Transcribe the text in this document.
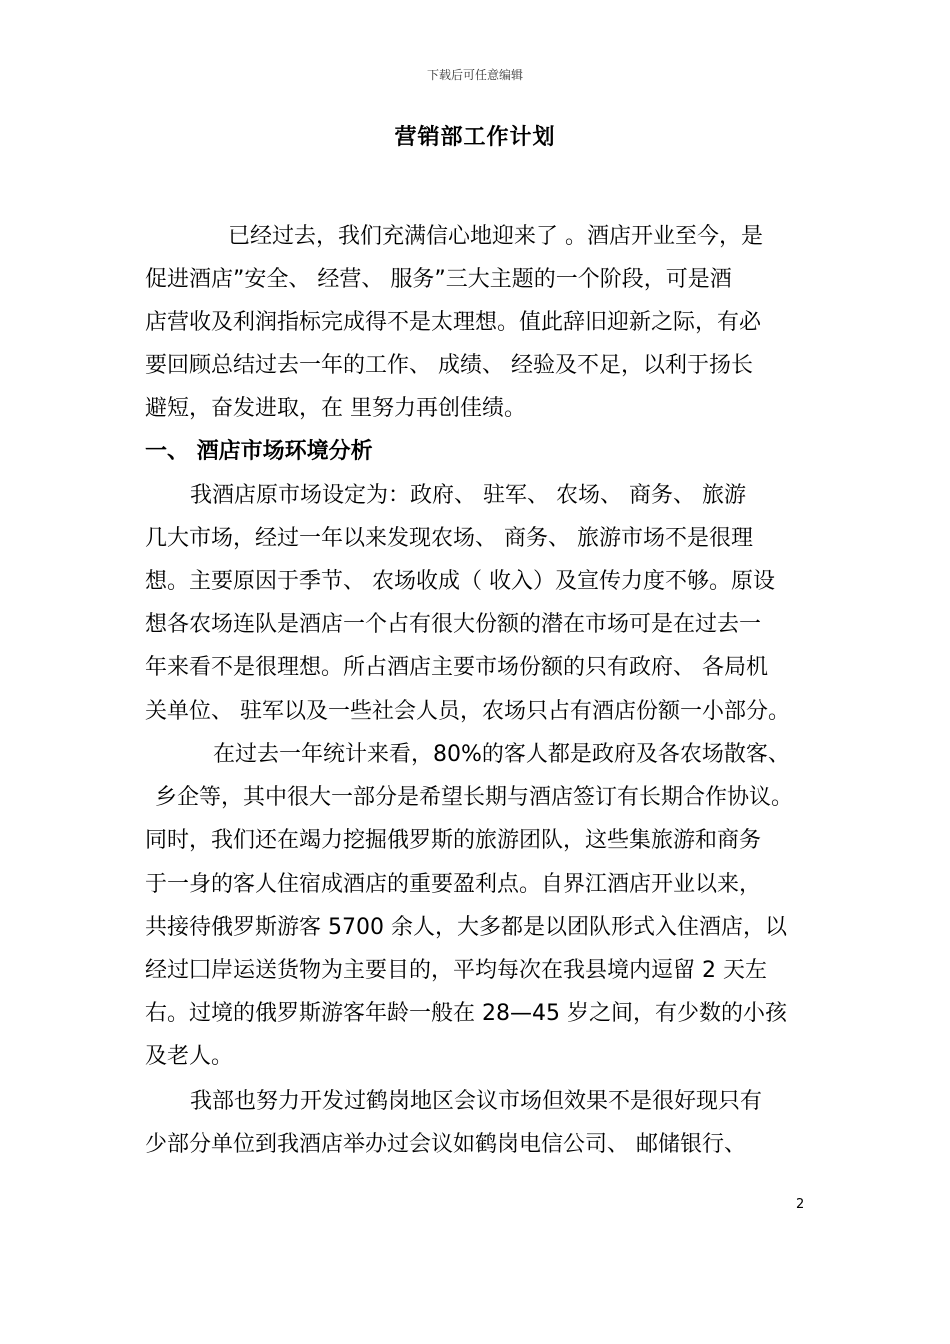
下载后可任意编辑
营销部工作计划
已经过去，我们充满信心地迎来了 。酒店开业至今，是
促进酒店”安全、 经营、 服务”三大主题的一个阶段，可是酒
店营收及利润指标完成得不是太理想。值此辞旧迎新之际，有必
要回顾总结过去一年的工作、 成绩、 经验及不足，以利于扬长
避短，奋发进取，在 里努力再创佳绩。
一、 酒店市场环境分析
我酒店原市场设定为：政府、 驻军、 农场、 商务、 旅游
几大市场，经过一年以来发现农场、 商务、 旅游市场不是很理
想。主要原因于季节、 农场收成（ 收入）及宣传力度不够。原设
想各农场连队是酒店一个占有很大份额的潜在市场可是在过去一
年来看不是很理想。所占酒店主要市场份额的只有政府、 各局机
关单位、 驻军以及一些社会人员，农场只占有酒店份额一小部分。
在过去一年统计来看，80%的客人都是政府及各农场散客、
乡企等，其中很大一部分是希望长期与酒店签订有长期合作协议。
同时，我们还在竭力挖掘俄罗斯的旅游团队，这些集旅游和商务
于一身的客人住宿成酒店的重要盈利点。自界江酒店开业以来，
共接待俄罗斯游客 5700 余人，大多都是以团队形式入住酒店，以
经过囗岸运送货物为主要目的，平均每次在我县境内逗留 2 天左
右。过境的俄罗斯游客年龄一般在 28—45 岁之间，有少数的小孩
及老人。
我部也努力开发过鹤岗地区会议市场但效果不是很好现只有
少部分单位到我酒店举办过会议如鹤岗电信公司、 邮储银行、
2
